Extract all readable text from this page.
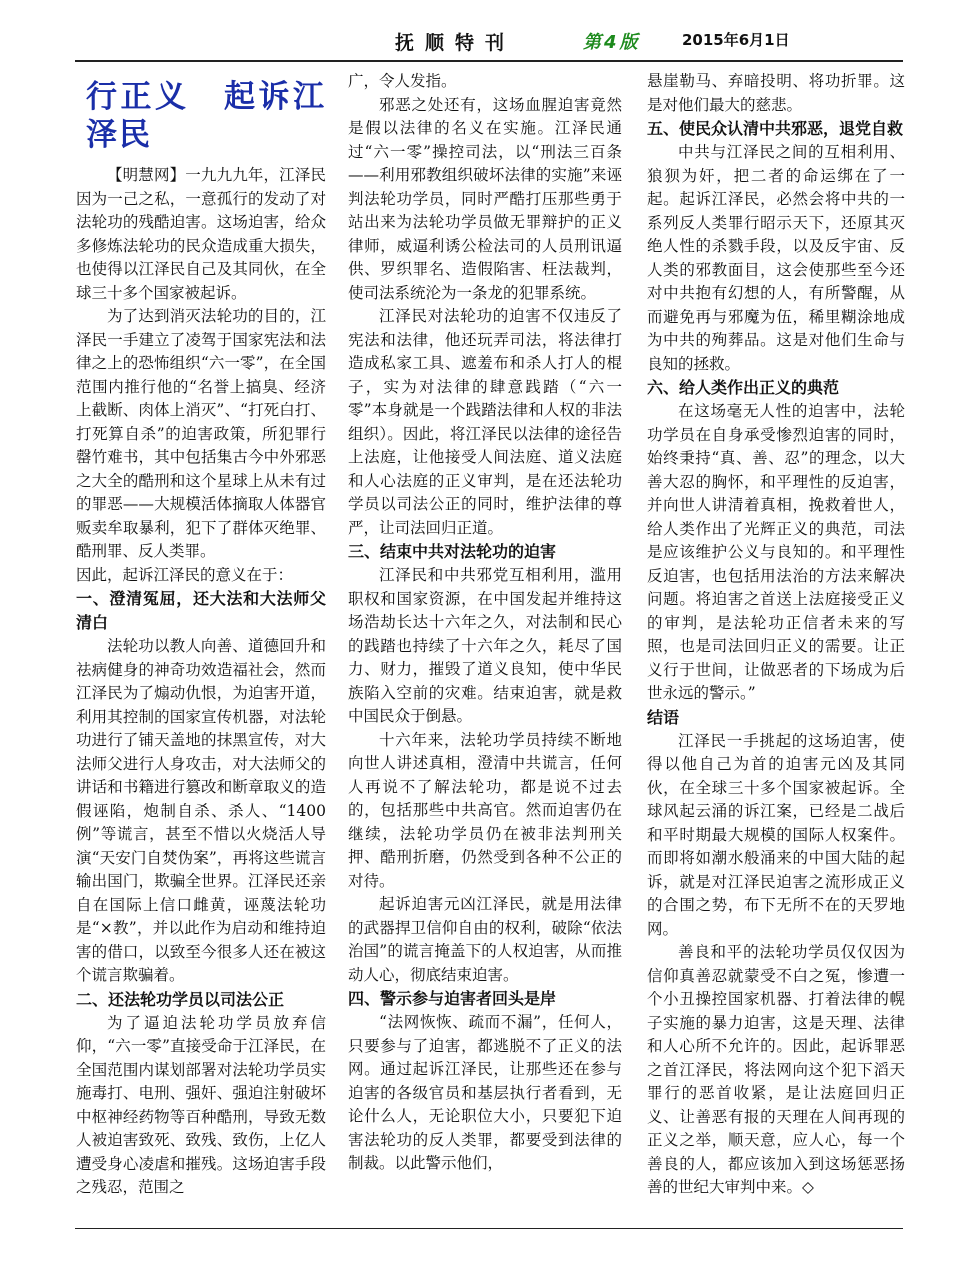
抚顺特刊	第4版	2015年6月1日
行正义　起诉江泽民

【明慧网】一九九九年，江泽民因为一己之私，一意孤行的发动了对法轮功的残酷迫害。这场迫害，给众多修炼法轮功的民众造成重大损失，也使得以江泽民自己及其同伙，在全球三十多个国家被起诉。

为了达到消灭法轮功的目的，江泽民一手建立了凌驾于国家宪法和法律之上的恐怖组织“六一零”，在全国范围内推行他的“名誉上搞臭、经济上截断、肉体上消灭”、“打死白打、打死算自杀”的迫害政策，所犯罪行罄竹难书，其中包括集古今中外邪恶之大全的酷刑和这个星球上从未有过的罪恶——大规模活体摘取人体器官贩卖牟取暴利，犯下了群体灭绝罪、酷刑罪、反人类罪。

因此，起诉江泽民的意义在于：

一、澄清冤屈，还大法和大法师父清白

法轮功以教人向善、道德回升和祛病健身的神奇功效造福社会，然而江泽民为了煽动仇恨，为迫害开道，利用其控制的国家宣传机器，对法轮功进行了铺天盖地的抹黑宣传，对大法师父进行人身攻击，对大法师父的讲话和书籍进行篡改和断章取义的造假诬陷，炮制自杀、杀人、“1400例”等谎言，甚至不惜以火烧活人导演“天安门自焚伪案”，再将这些谎言输出国门，欺骗全世界。江泽民还亲自在国际上信口雌黄，诬蔑法轮功是“×教”，并以此作为启动和维持迫害的借口，以致至今很多人还在被这个谎言欺骗着。

二、还法轮功学员以司法公正

为了逼迫法轮功学员放弃信仰，“六一零”直接受命于江泽民，在全国范围内谋划部署对法轮功学员实施毒打、电刑、强奸、强迫注射破坏中枢神经药物等百种酷刑，导致无数人被迫害致死、致残、致伤，上亿人遭受身心凌虐和摧残。这场迫害手段之残忍，范围之

广，令人发指。

邪恶之处还有，这场血腥迫害竟然是假以法律的名义在实施。江泽民通过“六一零”操控司法，以“刑法三百条——利用邪教组织破坏法律的实施”来诬判法轮功学员，同时严酷打压那些勇于站出来为法轮功学员做无罪辩护的正义律师，威逼利诱公检法司的人员刑讯逼供、罗织罪名、造假陷害、枉法裁判，使司法系统沦为一条龙的犯罪系统。

江泽民对法轮功的迫害不仅违反了宪法和法律，他还玩弄司法，将法律打造成私家工具、遮羞布和杀人打人的棍子，实为对法律的肆意践踏（“六一零”本身就是一个践踏法律和人权的非法组织）。因此，将江泽民以法律的途径告上法庭，让他接受人间法庭、道义法庭和人心法庭的正义审判，是在还法轮功学员以司法公正的同时，维护法律的尊严，让司法回归正道。

三、结束中共对法轮功的迫害

江泽民和中共邪党互相利用，滥用职权和国家资源，在中国发起并维持这场浩劫长达十六年之久，对法制和民心的践踏也持续了十六年之久，耗尽了国力、财力，摧毁了道义良知，使中华民族陷入空前的灾难。结束迫害，就是救中国民众于倒悬。

十六年来，法轮功学员持续不断地向世人讲述真相，澄清中共谎言，任何人再说不了解法轮功，都是说不过去的，包括那些中共高官。然而迫害仍在继续，法轮功学员仍在被非法判刑关押、酷刑折磨，仍然受到各种不公正的对待。

起诉迫害元凶江泽民，就是用法律的武器捍卫信仰自由的权利，破除“依法治国”的谎言掩盖下的人权迫害，从而推动人心，彻底结束迫害。

四、警示参与迫害者回头是岸

“法网恢恢、疏而不漏”，任何人，只要参与了迫害，都逃脱不了正义的法网。通过起诉江泽民，让那些还在参与迫害的各级官员和基层执行者看到，无论什么人，无论职位大小，只要犯下迫害法轮功的反人类罪，都要受到法律的制裁。以此警示他们，

悬崖勒马、弃暗投明、将功折罪。这是对他们最大的慈悲。

五、使民众认清中共邪恶，退党自救

中共与江泽民之间的互相利用、狼狈为奸，把二者的命运绑在了一起。起诉江泽民，必然会将中共的一系列反人类罪行昭示天下，还原其灭绝人性的杀戮手段，以及反宇宙、反人类的邪教面目，这会使那些至今还对中共抱有幻想的人，有所警醒，从而避免再与邪魔为伍，稀里糊涂地成为中共的殉葬品。这是对他们生命与良知的拯救。

六、给人类作出正义的典范

在这场毫无人性的迫害中，法轮功学员在自身承受惨烈迫害的同时，始终秉持“真、善、忍”的理念，以大善大忍的胸怀，和平理性的反迫害，并向世人讲清着真相，挽救着世人，给人类作出了光辉正义的典范，司法是应该维护公义与良知的。和平理性反迫害，也包括用法治的方法来解决问题。将迫害之首送上法庭接受正义的审判，是法轮功正信者未来的写照，也是司法回归正义的需要。让正义行于世间，让做恶者的下场成为后世永远的警示。”

结语

江泽民一手挑起的这场迫害，使得以他自己为首的迫害元凶及其同伙，在全球三十多个国家被起诉。全球风起云涌的诉江案，已经是二战后和平时期最大规模的国际人权案件。而即将如潮水般涌来的中国大陆的起诉，就是对江泽民迫害之流形成正义的合围之势，布下无所不在的天罗地网。

善良和平的法轮功学员仅仅因为信仰真善忍就蒙受不白之冤，惨遭一个小丑操控国家机器、打着法律的幌子实施的暴力迫害，这是天理、法律和人心所不允许的。因此，起诉罪恶之首江泽民，将法网向这个犯下滔天罪行的恶首收紧，是让法庭回归正义、让善恶有报的天理在人间再现的正义之举，顺天意，应人心，每一个善良的人，都应该加入到这场惩恶扬善的世纪大审判中来。◇
